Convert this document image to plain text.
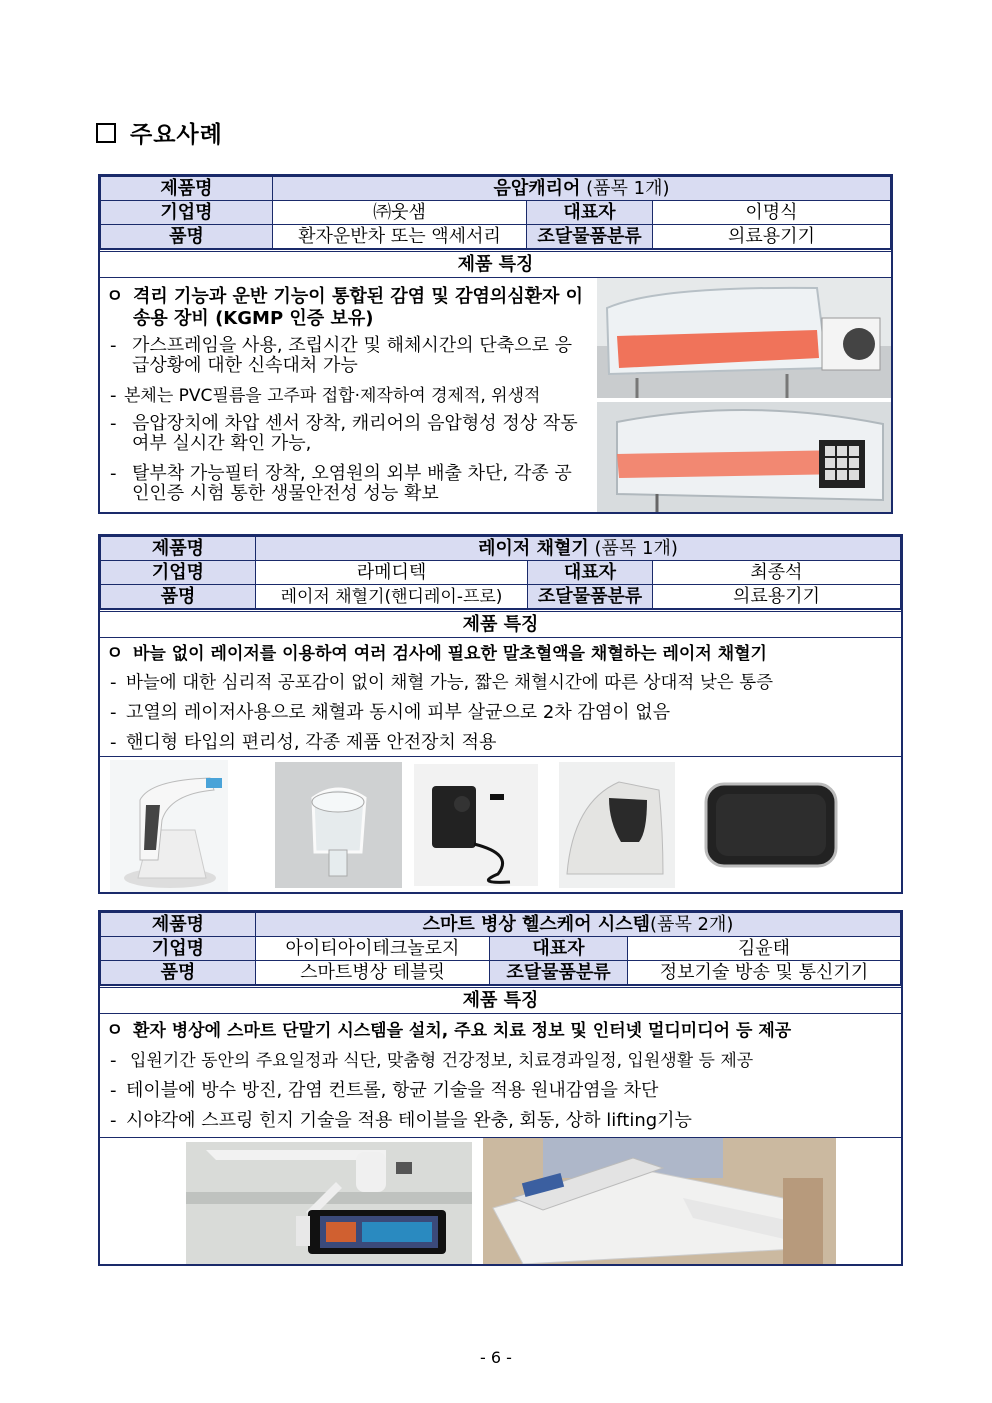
주요사례
제품명	음압캐리어 (품목 1개)		
기업명	㈜웃샘	대표자	이명식
품명	환자운반차 또는 액세서리	조달물품분류	의료용기기
제품 특징
ㅇ 격리 기능과 운반 기능이 통합된 감염 및 감염의심환자 이송용 장비 (KGMP 인증 보유)
- 가스프레임을 사용, 조립시간 및 해체시간의 단축으로 응급상황에 대한 신속대처 가능
- 본체는 PVC필름을 고주파 접합·제작하여 경제적, 위생적
- 음압장치에 차압 센서 장착, 캐리어의 음압형성 정상 작동 여부 실시간 확인 가능,
- 탈부착 가능필터 장착, 오염원의 외부 배출 차단, 각종 공인인증 시험 통한 생물안전성 성능 확보
제품명	레이저 채혈기 (품목 1개)		
기업명	라메디텍	대표자	최종석
품명	레이저 채혈기(핸디레이-프로)	조달물품분류	의료용기기
제품 특징
ㅇ 바늘 없이 레이저를 이용하여 여러 검사에 필요한 말초혈액을 채혈하는 레이저 채혈기
- 바늘에 대한 심리적 공포감이 없이 채혈 가능, 짧은 채혈시간에 따른 상대적 낮은 통증
- 고열의 레이저사용으로 채혈과 동시에 피부 살균으로 2차 감염이 없음
- 핸디형 타입의 편리성, 각종 제품 안전장치 적용
제품명	스마트 병상 헬스케어 시스템(품목 2개)		
기업명	아이티아이테크놀로지	대표자	김윤태
품명	스마트병상 테블릿	조달물품분류	정보기술 방송 및 통신기기
제품 특징
ㅇ 환자 병상에 스마트 단말기 시스템을 설치, 주요 치료 정보 및 인터넷 멀디미디어 등 제공
- 입원기간 동안의 주요일정과 식단, 맞춤형 건강정보, 치료경과일정, 입원생활 등 제공
- 테이블에 방수 방진, 감염 컨트롤, 항균 기술을 적용 원내감염을 차단
- 시야각에 스프링 힌지 기술을 적용 테이블을 완충, 회동, 상하 lifting기능
- 6 -
